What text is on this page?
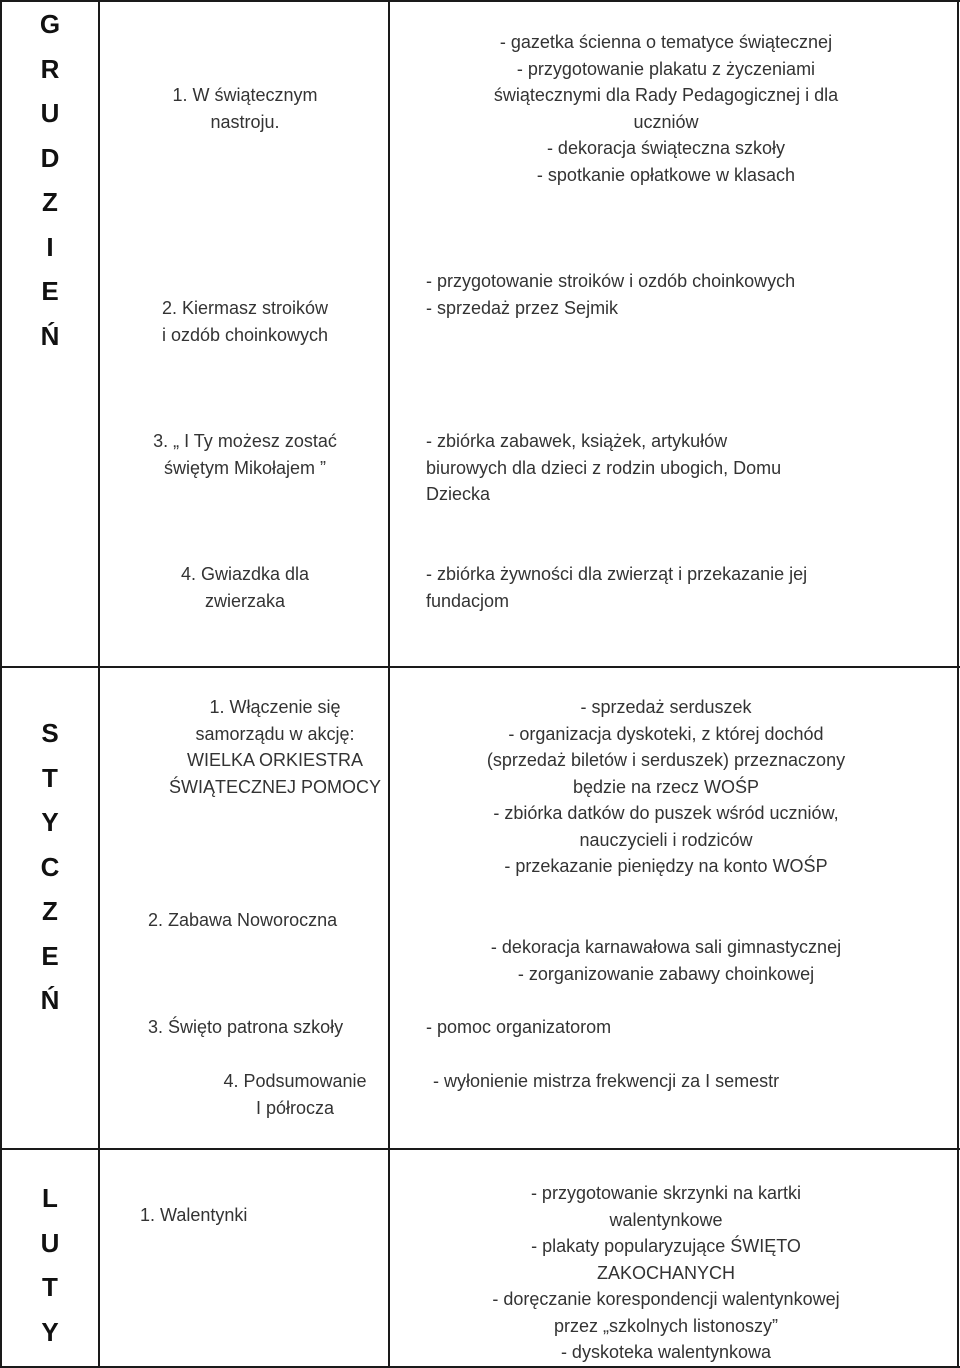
G
R
U
D
Z
I
E
Ń
1. W świątecznym
nastroju.
2. Kiermasz stroików
i ozdób choinkowych
3. „ I Ty możesz zostać
świętym Mikołajem ”
4. Gwiazdka dla
zwierzaka
- gazetka ścienna o tematyce świątecznej
- przygotowanie plakatu z życzeniami
świątecznymi dla Rady Pedagogicznej i dla
uczniów
- dekoracja świąteczna szkoły
- spotkanie opłatkowe w klasach
- przygotowanie stroików i ozdób choinkowych
- sprzedaż przez Sejmik
- zbiórka zabawek, książek, artykułów
biurowych dla dzieci z rodzin ubogich, Domu
Dziecka
- zbiórka żywności dla zwierząt i przekazanie jej
fundacjom
S
T
Y
C
Z
E
Ń
1. Włączenie się
samorządu w akcję:
WIELKA ORKIESTRA
ŚWIĄTECZNEJ POMOCY
2. Zabawa Noworoczna
3. Święto patrona szkoły
4. Podsumowanie
I półrocza
- sprzedaż serduszek
- organizacja dyskoteki, z której dochód
(sprzedaż biletów i serduszek) przeznaczony
będzie na rzecz WOŚP
- zbiórka datków do puszek wśród uczniów,
nauczycieli i rodziców
- przekazanie pieniędzy na konto WOŚP
- dekoracja karnawałowa sali gimnastycznej
- zorganizowanie zabawy choinkowej
- pomoc organizatorom
- wyłonienie mistrza frekwencji za I semestr
L
U
T
Y
1. Walentynki
- przygotowanie skrzynki na kartki
walentynkowe
- plakaty popularyzujące ŚWIĘTO
ZAKOCHANYCH
- doręczanie korespondencji walentynkowej
przez „szkolnych listonoszy”
- dyskoteka walentynkowa
